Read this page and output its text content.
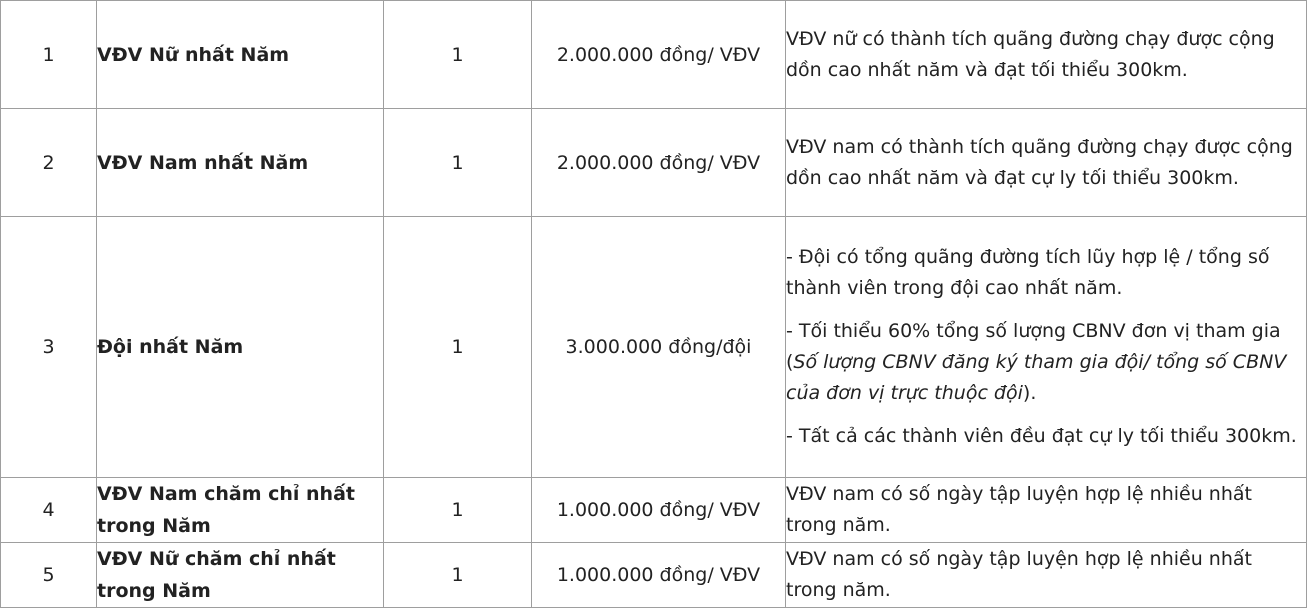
1	VĐV Nữ nhất Năm	1	2.000.000 đồng/ VĐV	VĐV nữ có thành tích quãng đường chạy được cộng dồn cao nhất năm và đạt tối thiểu 300km.

2	VĐV Nam nhất Năm	1	2.000.000 đồng/ VĐV	VĐV nam có thành tích quãng đường chạy được cộng dồn cao nhất năm và đạt cự ly tối thiểu 300km.

3	Đội nhất Năm	1	3.000.000 đồng/đội	- Đội có tổng quãng đường tích lũy hợp lệ / tổng số thành viên trong đội cao nhất năm.

- Tối thiểu 60% tổng số lượng CBNV đơn vị tham gia (Số lượng CBNV đăng ký tham gia đội/ tổng số CBNV của đơn vị trực thuộc đội).

- Tất cả các thành viên đều đạt cự ly tối thiểu 300km.

4	VĐV Nam chăm chỉ nhất trong Năm	1	1.000.000 đồng/ VĐV	VĐV nam có số ngày tập luyện hợp lệ nhiều nhất trong năm.

5	VĐV Nữ chăm chỉ nhất trong Năm	1	1.000.000 đồng/ VĐV	VĐV nam có số ngày tập luyện hợp lệ nhiều nhất trong năm.
